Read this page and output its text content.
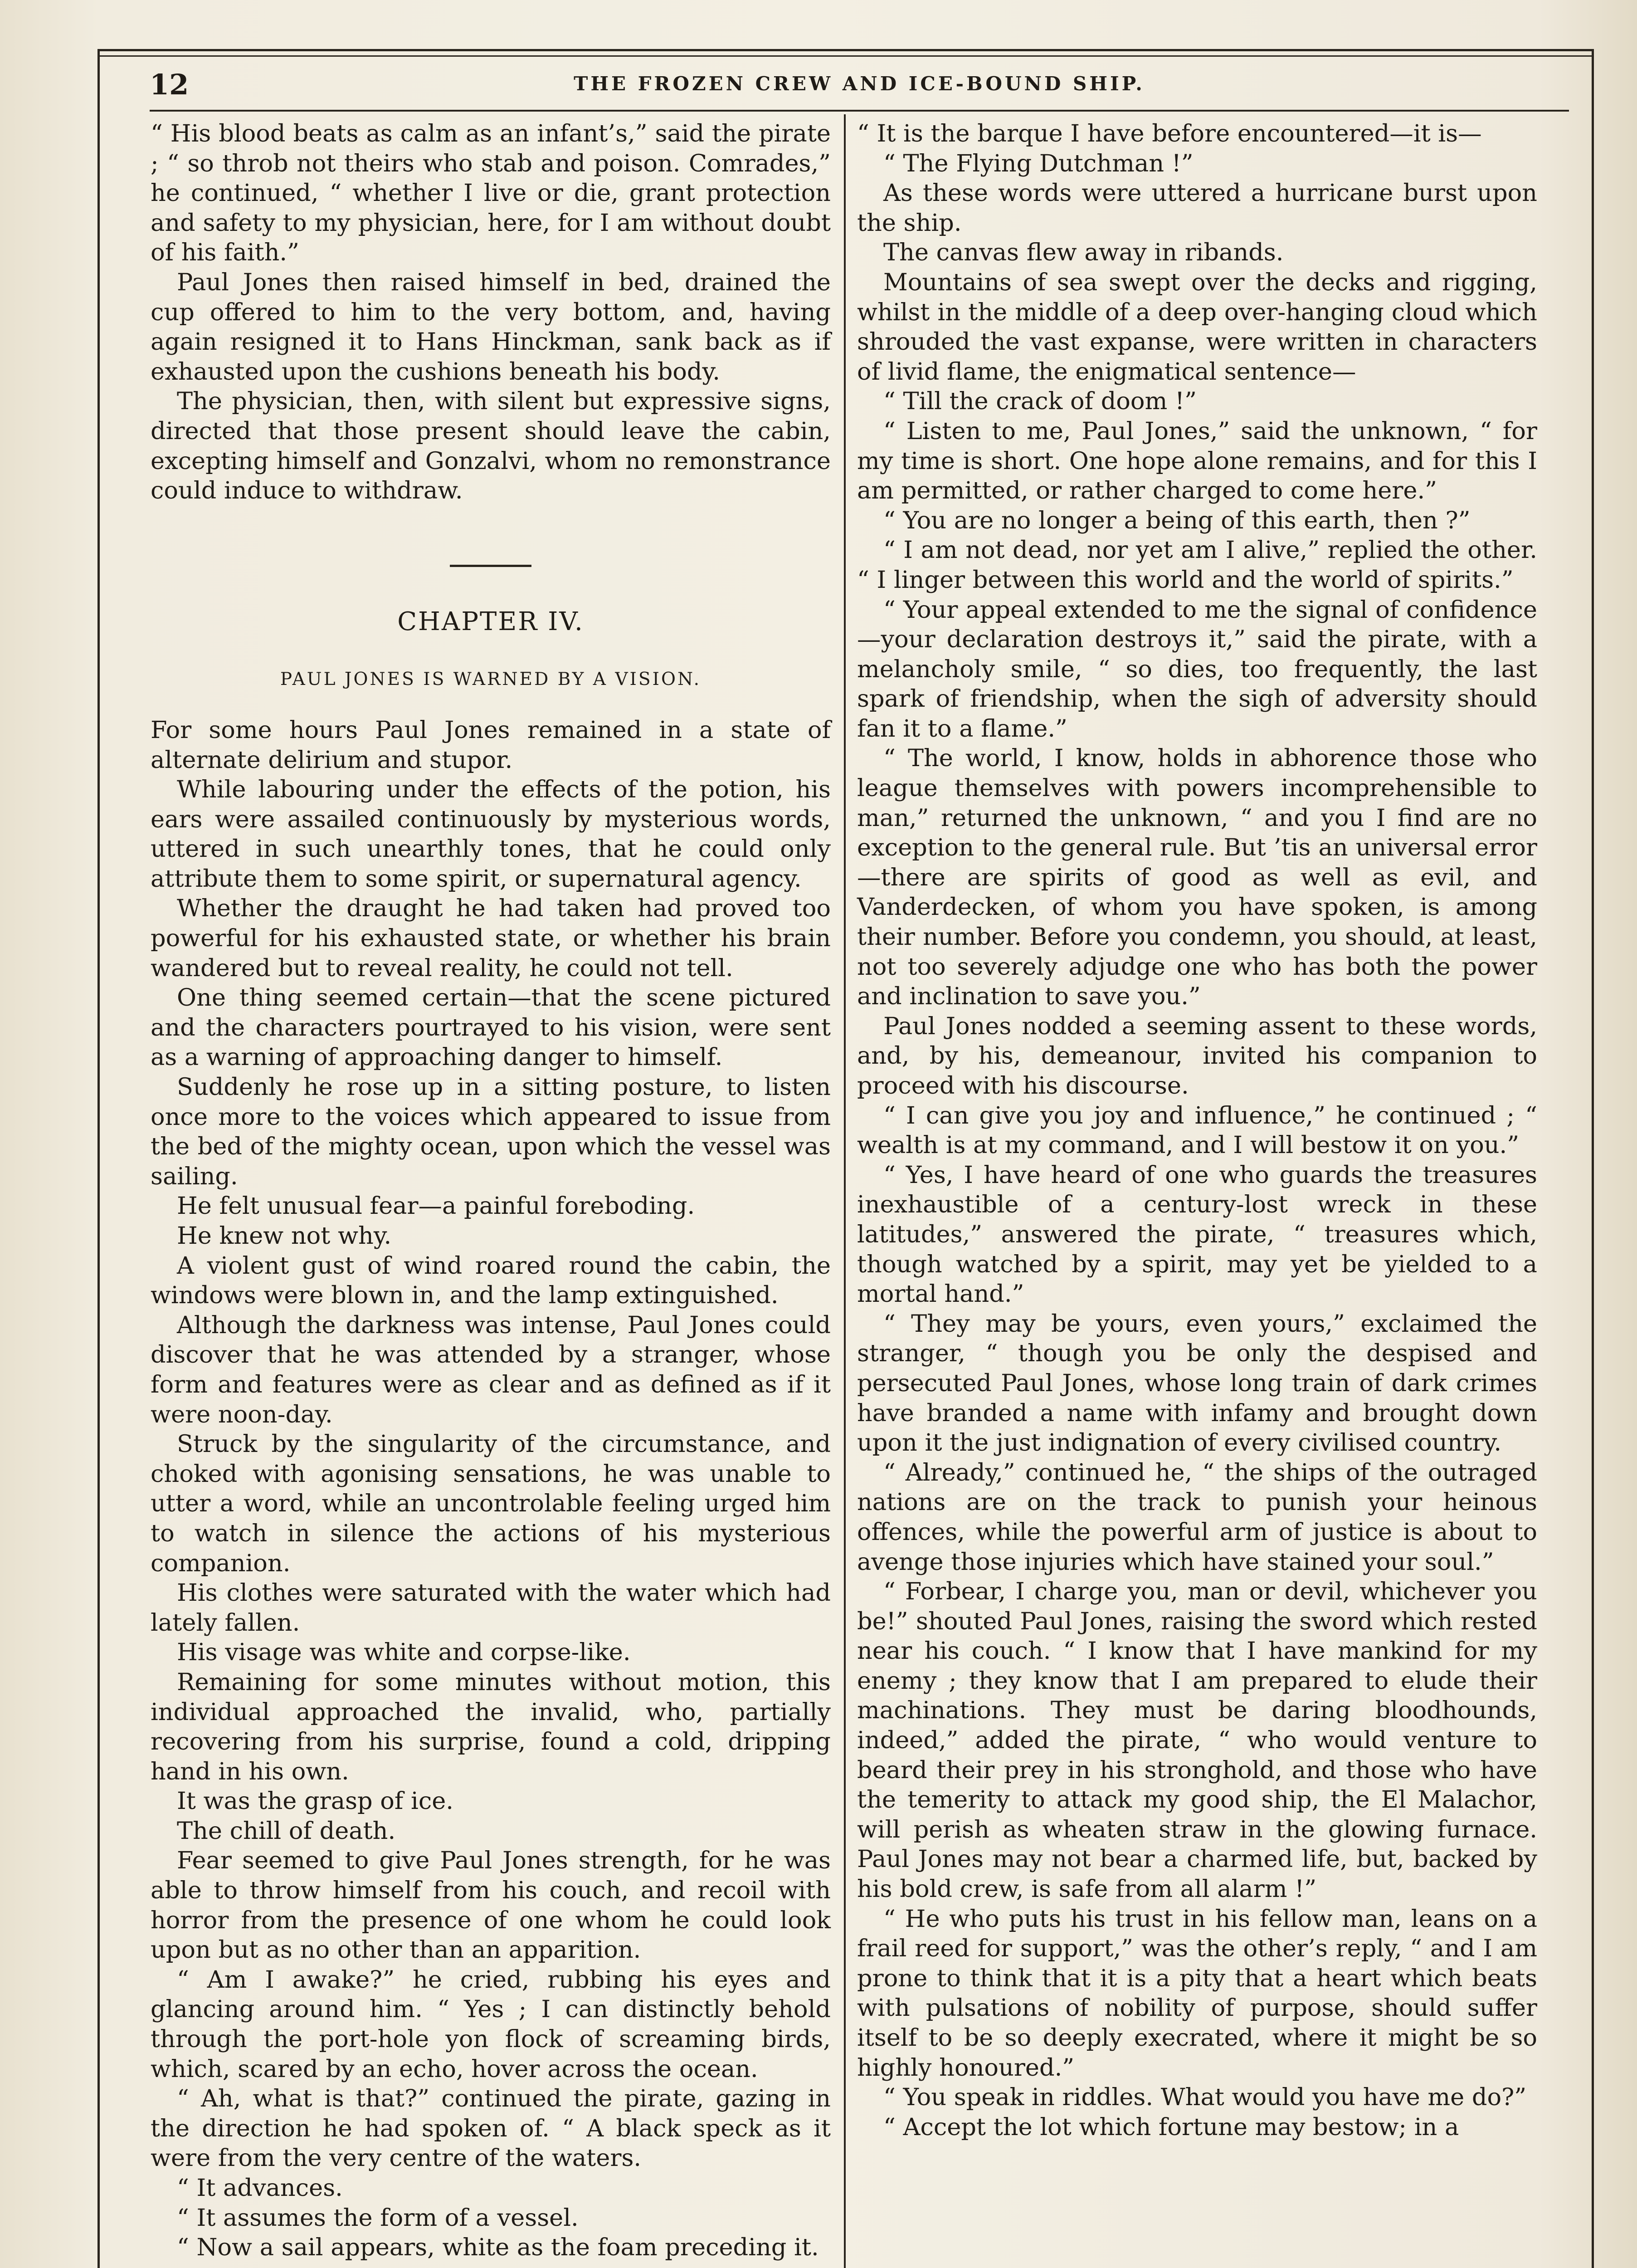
12	THE FROZEN CREW AND ICE-BOUND SHIP.

“ His blood beats as calm as an infant’s,” said the pirate ; “ so throb not theirs who stab and poison. Comrades,” he continued, “ whether I live or die, grant protection and safety to my physician, here, for I am without doubt of his faith.”

Paul Jones then raised himself in bed, drained the cup offered to him to the very bottom, and, having again resigned it to Hans Hinckman, sank back as if exhausted upon the cushions beneath his body.

The physician, then, with silent but expressive signs, directed that those present should leave the cabin, excepting himself and Gonzalvi, whom no remonstrance could induce to withdraw.

CHAPTER IV.
PAUL JONES IS WARNED BY A VISION.

For some hours Paul Jones remained in a state of alternate delirium and stupor.

While labouring under the effects of the potion, his ears were assailed continuously by mysterious words, uttered in such unearthly tones, that he could only attribute them to some spirit, or supernatural agency.

Whether the draught he had taken had proved too powerful for his exhausted state, or whether his brain wandered but to reveal reality, he could not tell.

One thing seemed certain—that the scene pictured and the characters pourtrayed to his vision, were sent as a warning of approaching danger to himself.

Suddenly he rose up in a sitting posture, to listen once more to the voices which appeared to issue from the bed of the mighty ocean, upon which the vessel was sailing.

He felt unusual fear—a painful foreboding.

He knew not why.

A violent gust of wind roared round the cabin, the windows were blown in, and the lamp extinguished.

Although the darkness was intense, Paul Jones could discover that he was attended by a stranger, whose form and features were as clear and as defined as if it were noon-day.

Struck by the singularity of the circumstance, and choked with agonising sensations, he was unable to utter a word, while an uncontrolable feeling urged him to watch in silence the actions of his mysterious companion.

His clothes were saturated with the water which had lately fallen.

His visage was white and corpse-like.

Remaining for some minutes without motion, this individual approached the invalid, who, partially recovering from his surprise, found a cold, dripping hand in his own.

It was the grasp of ice.

The chill of death.

Fear seemed to give Paul Jones strength, for he was able to throw himself from his couch, and recoil with horror from the presence of one whom he could look upon but as no other than an apparition.

“ Am I awake?” he cried, rubbing his eyes and glancing around him. “ Yes ; I can distinctly behold through the port-hole yon flock of screaming birds, which, scared by an echo, hover across the ocean.

“ Ah, what is that?” continued the pirate, gazing in the direction he had spoken of. “ A black speck as it were from the very centre of the waters.

“ It advances.

“ It assumes the form of a vessel.

“ Now a sail appears, white as the foam preceding it.

“ It is the barque I have before encountered—it is—

“ The Flying Dutchman !”

As these words were uttered a hurricane burst upon the ship.

The canvas flew away in ribands.

Mountains of sea swept over the decks and rigging, whilst in the middle of a deep over-hanging cloud which shrouded the vast expanse, were written in characters of livid flame, the enigmatical sentence—

“ Till the crack of doom !”

“ Listen to me, Paul Jones,” said the unknown, “ for my time is short. One hope alone remains, and for this I am permitted, or rather charged to come here.”

“ You are no longer a being of this earth, then ?”

“ I am not dead, nor yet am I alive,” replied the other. “ I linger between this world and the world of spirits.”

“ Your appeal extended to me the signal of confidence—your declaration destroys it,” said the pirate, with a melancholy smile, “ so dies, too frequently, the last spark of friendship, when the sigh of adversity should fan it to a flame.”

“ The world, I know, holds in abhorence those who league themselves with powers incomprehensible to man,” returned the unknown, “ and you I find are no exception to the general rule. But ’tis an universal error—there are spirits of good as well as evil, and Vanderdecken, of whom you have spoken, is among their number. Before you condemn, you should, at least, not too severely adjudge one who has both the power and inclination to save you.”

Paul Jones nodded a seeming assent to these words, and, by his, demeanour, invited his companion to proceed with his discourse.

“ I can give you joy and influence,” he continued ; “ wealth is at my command, and I will bestow it on you.”

“ Yes, I have heard of one who guards the treasures inexhaustible of a century-lost wreck in these latitudes,” answered the pirate, “ treasures which, though watched by a spirit, may yet be yielded to a mortal hand.”

“ They may be yours, even yours,” exclaimed the stranger, “ though you be only the despised and persecuted Paul Jones, whose long train of dark crimes have branded a name with infamy and brought down upon it the just indignation of every civilised country.

“ Already,” continued he, “ the ships of the outraged nations are on the track to punish your heinous offences, while the powerful arm of justice is about to avenge those injuries which have stained your soul.”

“ Forbear, I charge you, man or devil, whichever you be!” shouted Paul Jones, raising the sword which rested near his couch. “ I know that I have mankind for my enemy ; they know that I am prepared to elude their machinations. They must be daring bloodhounds, indeed,” added the pirate, “ who would venture to beard their prey in his stronghold, and those who have the temerity to attack my good ship, the El Malachor, will perish as wheaten straw in the glowing furnace. Paul Jones may not bear a charmed life, but, backed by his bold crew, is safe from all alarm !”

“ He who puts his trust in his fellow man, leans on a frail reed for support,” was the other’s reply, “ and I am prone to think that it is a pity that a heart which beats with pulsations of nobility of purpose, should suffer itself to be so deeply execrated, where it might be so highly honoured.”

“ You speak in riddles. What would you have me do?”

“ Accept the lot which fortune may bestow; in a
